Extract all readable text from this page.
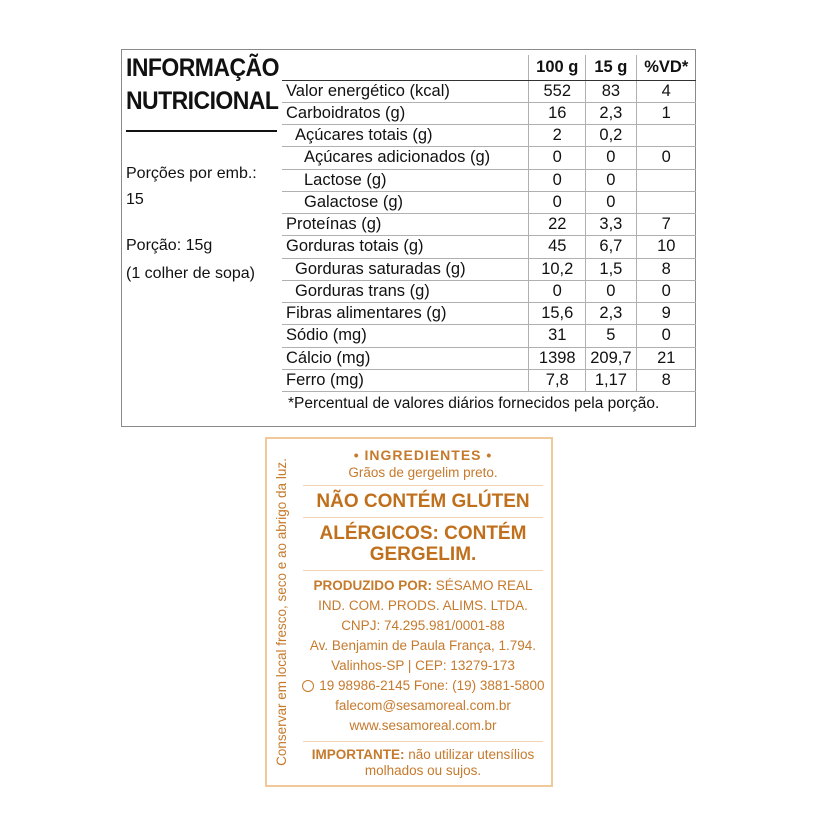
INFORMAÇÃO
NUTRICIONAL
Porções por emb.:
15
Porção: 15g
(1 colher de sopa)
	100 g	15 g	%VD*
Valor energético (kcal)	552	83	4
Carboidratos (g)	16	2,3	1
Açúcares totais (g)	2	0,2	
Açúcares adicionados (g)	0	0	0
Lactose (g)	0	0	
Galactose (g)	0	0	
Proteínas (g)	22	3,3	7
Gorduras totais (g)	45	6,7	10
Gorduras saturadas (g)	10,2	1,5	8
Gorduras trans (g)	0	0	0
Fibras alimentares (g)	15,6	2,3	9
Sódio (mg)	31	5	0
Cálcio (mg)	1398	209,7	21
Ferro (mg)	7,8	1,17	8
*Percentual de valores diários fornecidos pela porção.
Conservar em local fresco, seco e ao abrigo da luz.
• INGREDIENTES •
Grãos de gergelim preto.
NÃO CONTÉM GLÚTEN
ALÉRGICOS: CONTÉM
GERGELIM.
PRODUZIDO POR: SÉSAMO REAL
IND. COM. PRODS. ALIMS. LTDA.
CNPJ: 74.295.981/0001-88
Av. Benjamin de Paula França, 1.794.
Valinhos-SP | CEP: 13279-173
19 98986-2145 Fone: (19) 3881-5800
falecom@sesamoreal.com.br
www.sesamoreal.com.br
IMPORTANTE: não utilizar utensílios
molhados ou sujos.
